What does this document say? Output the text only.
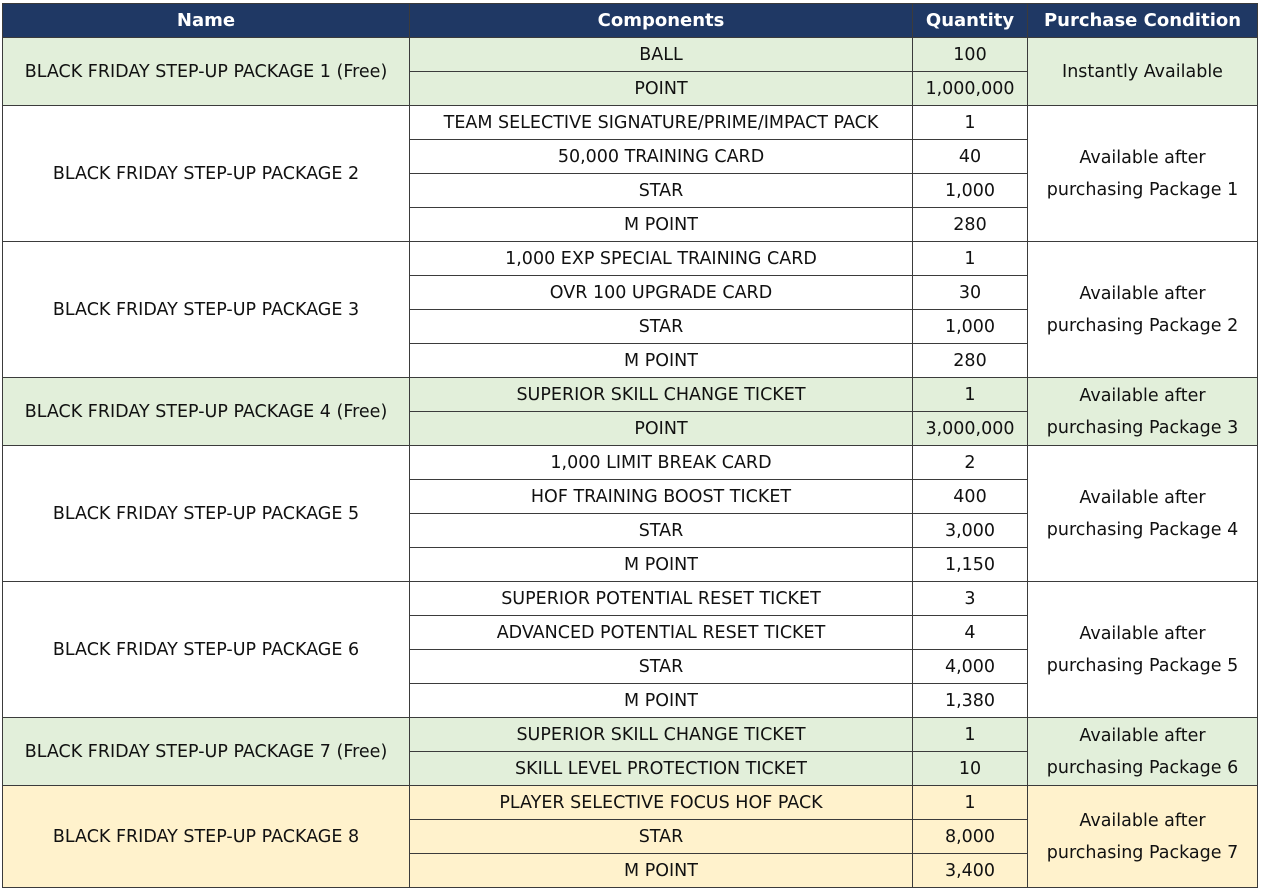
Name	Components	Quantity	Purchase Condition
BLACK FRIDAY STEP-UP PACKAGE 1 (Free)	BALL	100	Instantly Available

	POINT	1,000,000	
BLACK FRIDAY STEP-UP PACKAGE 2	TEAM SELECTIVE SIGNATURE/PRIME/IMPACT PACK	1	Available after
purchasing Package 1

	50,000 TRAINING CARD	40	
	STAR	1,000	
	M POINT	280	
BLACK FRIDAY STEP-UP PACKAGE 3	1,000 EXP SPECIAL TRAINING CARD	1	Available after
purchasing Package 2

	OVR 100 UPGRADE CARD	30	
	STAR	1,000	
	M POINT	280	
BLACK FRIDAY STEP-UP PACKAGE 4 (Free)	SUPERIOR SKILL CHANGE TICKET	1	Available after
purchasing Package 3

	POINT	3,000,000	
BLACK FRIDAY STEP-UP PACKAGE 5	1,000 LIMIT BREAK CARD	2	Available after
purchasing Package 4

	HOF TRAINING BOOST TICKET	400	
	STAR	3,000	
	M POINT	1,150	
BLACK FRIDAY STEP-UP PACKAGE 6	SUPERIOR POTENTIAL RESET TICKET	3	Available after
purchasing Package 5

	ADVANCED POTENTIAL RESET TICKET	4	
	STAR	4,000	
	M POINT	1,380	
BLACK FRIDAY STEP-UP PACKAGE 7 (Free)	SUPERIOR SKILL CHANGE TICKET	1	Available after
purchasing Package 6

	SKILL LEVEL PROTECTION TICKET	10	
BLACK FRIDAY STEP-UP PACKAGE 8	PLAYER SELECTIVE FOCUS HOF PACK	1	Available after
purchasing Package 7

	STAR	8,000	
	M POINT	3,400	
